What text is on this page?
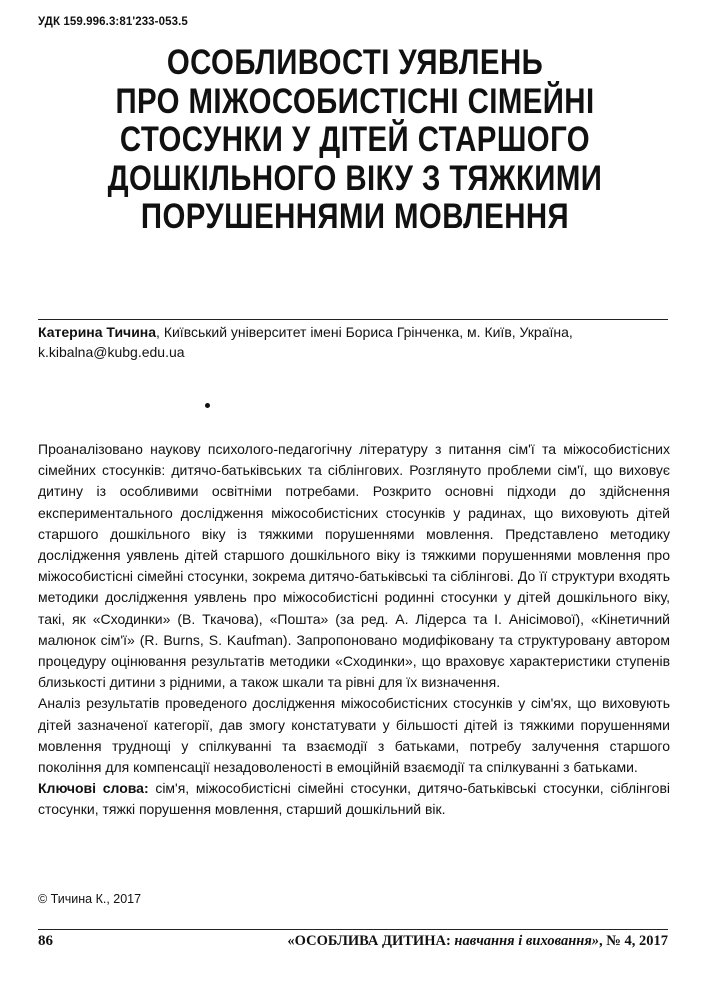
УДК 159.996.3:81'233-053.5
ОСОБЛИВОСТІ УЯВЛЕНЬ
ПРО МІЖОСОБИСТІСНІ СІМЕЙНІ
СТОСУНКИ У ДІТЕЙ СТАРШОГО
ДОШКІЛЬНОГО ВІКУ З ТЯЖКИМИ
ПОРУШЕННЯМИ МОВЛЕННЯ
Катерина Тичина, Київський університет імені Бориса Грінченка, м. Київ, Україна,
k.kibalna@kubg.edu.ua

Проаналізовано наукову психолого-педагогічну літературу з питання сім'ї та міжособистісних сімейних стосунків: дитячо-батьківських та сіблінгових. Розглянуто проблеми сім'ї, що виховує дитину із особливими освітніми потребами. Розкрито основні підходи до здійснення експериментального дослідження міжособистісних стосунків у радинах, що виховують дітей старшого дошкільного віку із тяжкими порушеннями мовлення. Представлено методику дослідження уявлень дітей старшого дошкільного віку із тяжкими порушеннями мовлення про міжособистісні сімейні стосунки, зокрема дитячо-батьківські та сіблінгові. До її структури входять методики дослідження уявлень про міжособистісні родинні стосунки у дітей дошкільного віку, такі, як «Сходинки» (В. Ткачова), «Пошта» (за ред. А. Лідерса та І. Анісімової), «Кінетичний малюнок сім'ї» (R. Burns, S. Kaufman). Запропоновано модифіковану та структуровану автором процедуру оцінювання результатів методики «Сходинки», що враховує характеристики ступенів близькості дитини з рідними, а також шкали та рівні для їх визначення.

Аналіз результатів проведеного дослідження міжособистісних стосунків у сім'ях, що виховують дітей зазначеної категорії, дав змогу констатувати у більшості дітей із тяжкими порушеннями мовлення труднощі у спілкуванні та взаємодії з батьками, потребу залучення старшого покоління для компенсації незадоволеності в емоційній взаємодії та спілкуванні з батьками.

Ключові слова: сім'я, міжособистісні сімейні стосунки, дитячо-батьківські стосунки, сіблінгові стосунки, тяжкі порушення мовлення, старший дошкільний вік.

© Тичина К., 2017
86	«ОСОБЛИВА ДИТИНА: навчання і виховання», № 4, 2017
